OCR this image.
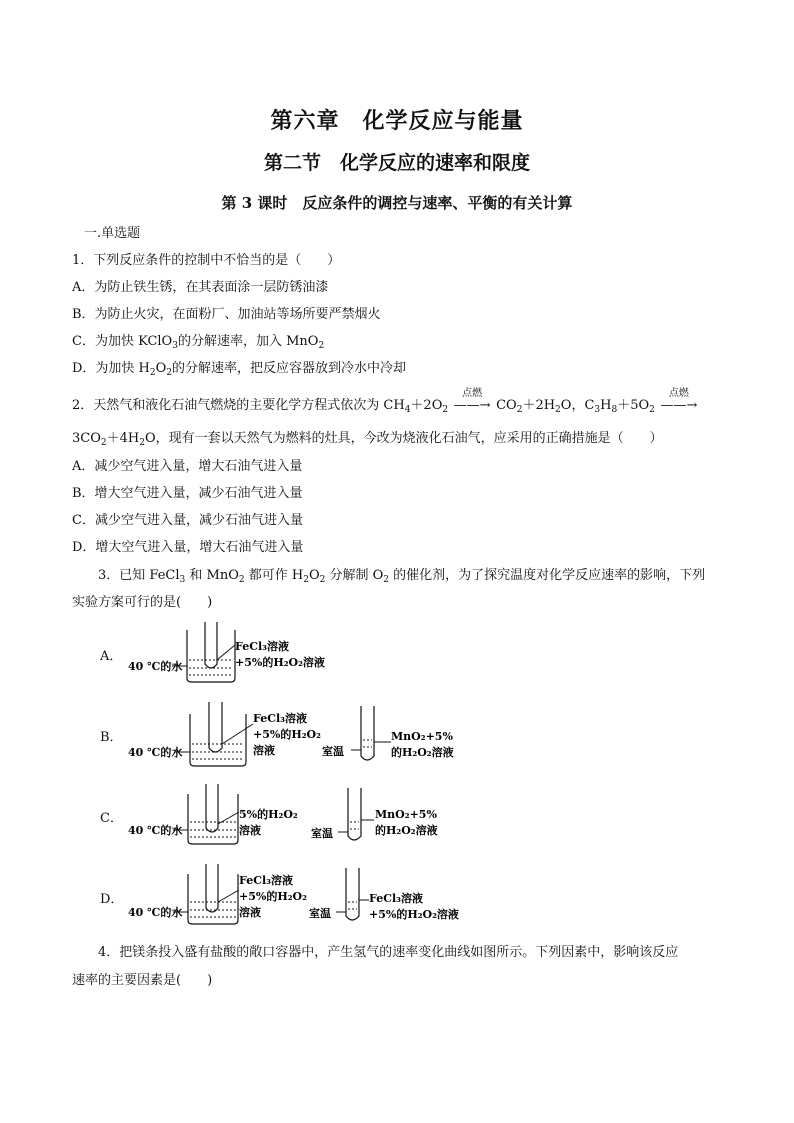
第六章　化学反应与能量
第二节　化学反应的速率和限度
第 3 课时　反应条件的调控与速率、平衡的有关计算
一.单选题
1．下列反应条件的控制中不恰当的是（　　）
A．为防止铁生锈，在其表面涂一层防锈油漆
B．为防止火灾，在面粉厂、加油站等场所要严禁烟火
C．为加快 KClO$_3$的分解速率，加入 MnO$_2$
D．为加快 $H_2O_2$的分解速率，把反应容器放到冷水中冷却
2．天然气和液化石油气燃烧的主要化学方程式依次为 $CH_4+2O_2$
点燃
——→ $CO_2+2H_2O$，$C_3H_8+5O_2$
点燃
——→
$3CO_2+4H_2O$，现有一套以天然气为燃料的灶具，今改为烧液化石油气，应采用的正确措施是（　　）
A．减少空气进入量，增大石油气进入量
B．增大空气进入量，减少石油气进入量
C．减少空气进入量，减少石油气进入量
D．增大空气进入量，增大石油气进入量
3．已知 FeCl$_3$ 和 MnO$_2$ 都可作 $H_2O_2$ 分解制 $O_2$ 的催化剂，为了探究温度对化学反应速率的影响，下列
实验方案可行的是(　　)
A．
40 ℃的水
FeCl₃溶液
+5%的H₂O₂溶液
B．
40 ℃的水
FeCl₃溶液
+5%的H₂O₂
溶液	室温
MnO₂+5%
的H₂O₂溶液
C．
40 ℃的水
5%的H₂O₂
溶液	室温
MnO₂+5%
的H₂O₂溶液
D．
40 ℃的水
FeCl₃溶液
+5%的H₂O₂
溶液	室温
FeCl₃溶液
+5%的H₂O₂溶液
4．把镁条投入盛有盐酸的敞口容器中，产生氢气的速率变化曲线如图所示。下列因素中，影响该反应
速率的主要因素是(　　)
